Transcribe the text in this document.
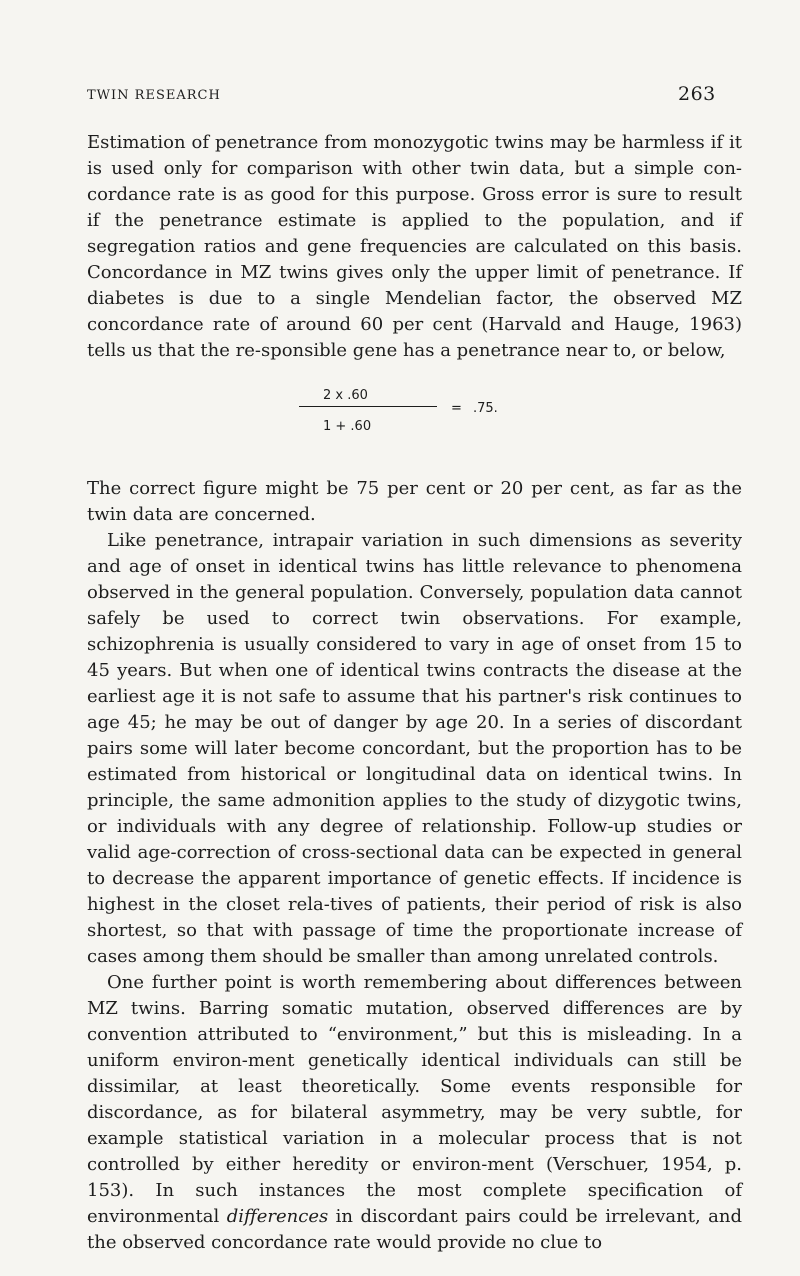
TWIN RESEARCH	263

Estimation of penetrance from monozygotic twins may be harmless if it is used only for comparison with other twin data, but a simple con-cordance rate is as good for this purpose. Gross error is sure to result if the penetrance estimate is applied to the population, and if segregation ratios and gene frequencies are calculated on this basis. Concordance in MZ twins gives only the upper limit of penetrance. If diabetes is due to a single Mendelian factor, the observed MZ concordance rate of around 60 per cent (Harvald and Hauge, 1963) tells us that the re-sponsible gene has a penetrance near to, or below,

2 x .60
= .75.
1 + .60

The correct figure might be 75 per cent or 20 per cent, as far as the twin data are concerned.

Like penetrance, intrapair variation in such dimensions as severity and age of onset in identical twins has little relevance to phenomena observed in the general population. Conversely, population data cannot safely be used to correct twin observations. For example, schizophrenia is usually considered to vary in age of onset from 15 to 45 years. But when one of identical twins contracts the disease at the earliest age it is not safe to assume that his partner's risk continues to age 45; he may be out of danger by age 20. In a series of discordant pairs some will later become concordant, but the proportion has to be estimated from historical or longitudinal data on identical twins. In principle, the same admonition applies to the study of dizygotic twins, or individuals with any degree of relationship. Follow-up studies or valid age-correction of cross-sectional data can be expected in general to decrease the apparent importance of genetic effects. If incidence is highest in the closet rela-tives of patients, their period of risk is also shortest, so that with passage of time the proportionate increase of cases among them should be smaller than among unrelated controls.

One further point is worth remembering about differences between MZ twins. Barring somatic mutation, observed differences are by convention attributed to “environment,” but this is misleading. In a uniform environ-ment genetically identical individuals can still be dissimilar, at least theoretically. Some events responsible for discordance, as for bilateral asymmetry, may be very subtle, for example statistical variation in a molecular process that is not controlled by either heredity or environ-ment (Verschuer, 1954, p. 153). In such instances the most complete specification of environmental differences in discordant pairs could be irrelevant, and the observed concordance rate would provide no clue to
